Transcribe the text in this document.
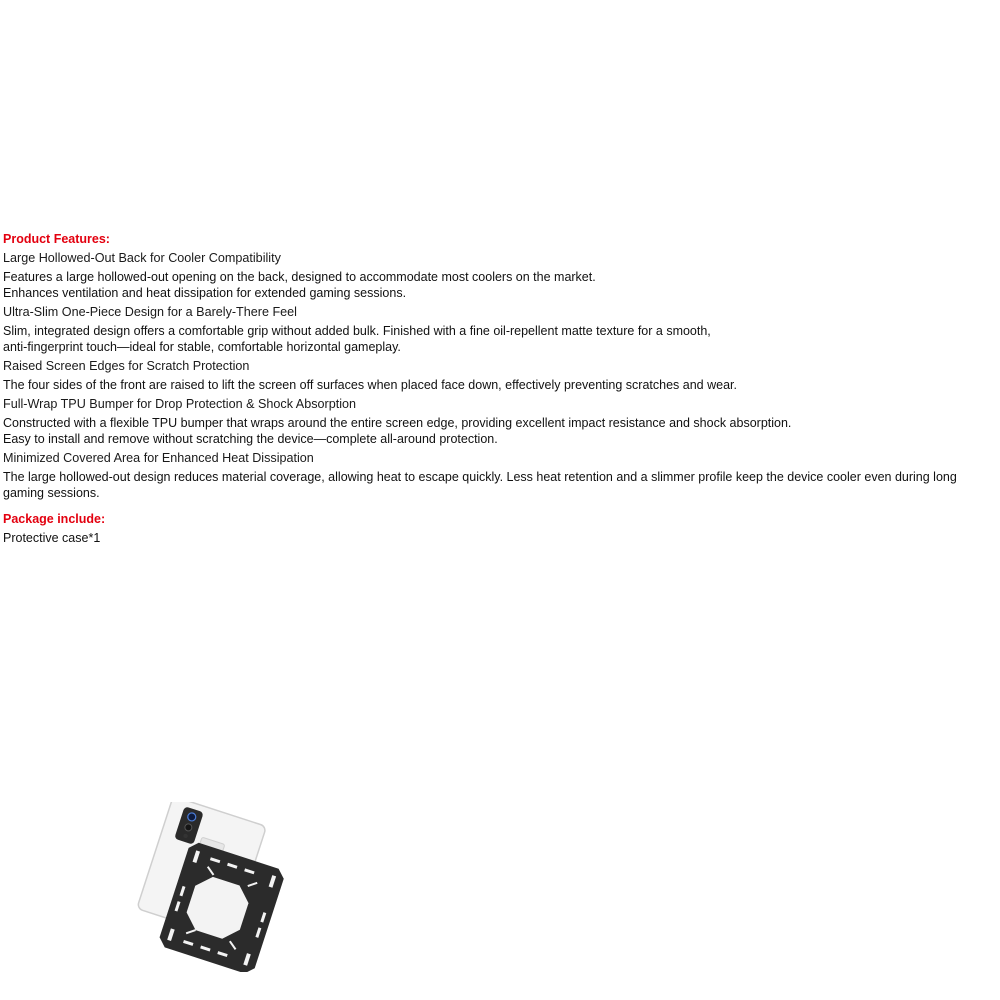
Product Features:
Large Hollowed-Out Back for Cooler Compatibility
Features a large hollowed-out opening on the back, designed to accommodate most coolers on the market.
Enhances ventilation and heat dissipation for extended gaming sessions.
Ultra-Slim One-Piece Design for a Barely-There Feel
Slim, integrated design offers a comfortable grip without added bulk. Finished with a fine oil-repellent matte texture for a smooth,
anti-fingerprint touch—ideal for stable, comfortable horizontal gameplay.
Raised Screen Edges for Scratch Protection
The four sides of the front are raised to lift the screen off surfaces when placed face down, effectively preventing scratches and wear.
Full-Wrap TPU Bumper for Drop Protection & Shock Absorption
Constructed with a flexible TPU bumper that wraps around the entire screen edge, providing excellent impact resistance and shock absorption.
Easy to install and remove without scratching the device—complete all-around protection.
Minimized Covered Area for Enhanced Heat Dissipation
The large hollowed-out design reduces material coverage, allowing heat to escape quickly. Less heat retention and a slimmer profile keep the device cooler even during long
gaming sessions.
Package include:
Protective case*1
